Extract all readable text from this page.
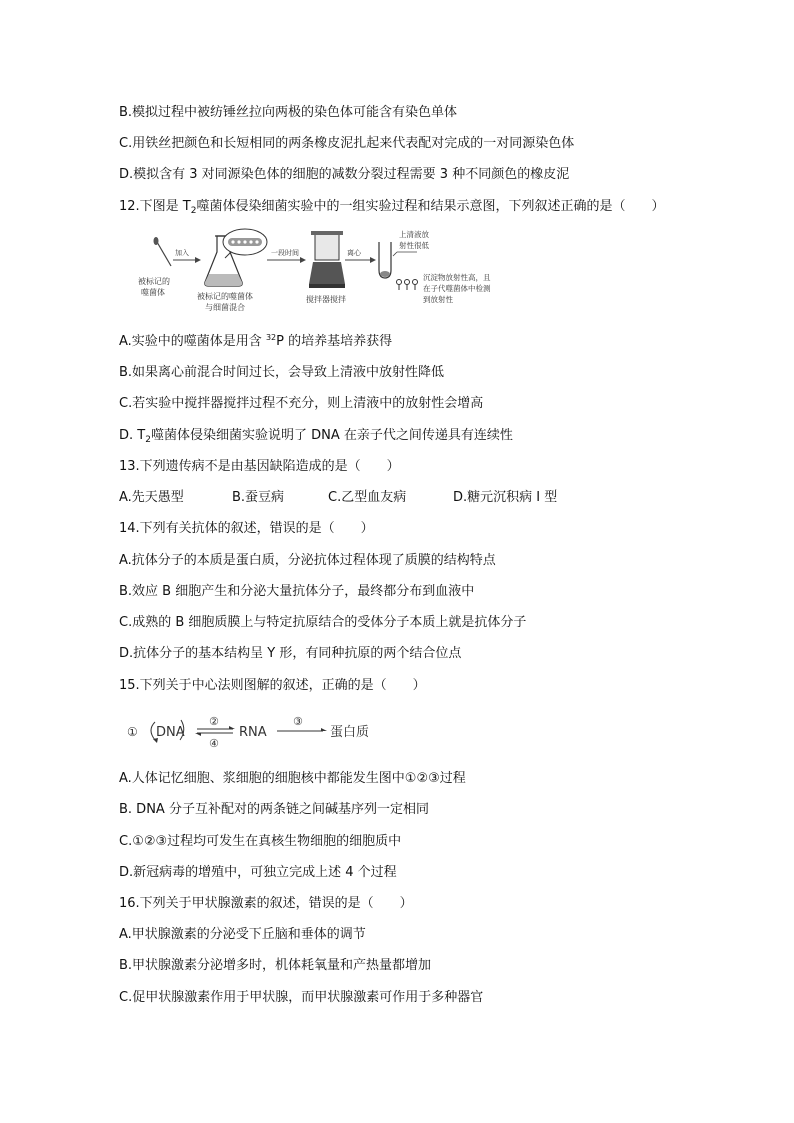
B.模拟过程中被纺锤丝拉向两极的染色体可能含有染色单体
C.用铁丝把颜色和长短相同的两条橡皮泥扎起来代表配对完成的一对同源染色体
D.模拟含有 3 对同源染色体的细胞的减数分裂过程需要 3 种不同颜色的橡皮泥
12.下图是 $T_2$噬菌体侵染细菌实验中的一组实验过程和结果示意图，下列叙述正确的是（　　）
被标记的
噬菌体
加入
被标记的噬菌体
与细菌混合
一段时间
搅拌器搅拌
离心
上清液放
射性很低
沉淀物放射性高，且
在子代噬菌体中检测
到放射性
A.实验中的噬菌体是用含 $^{32}$P 的培养基培养获得
B.如果离心前混合时间过长，会导致上清液中放射性降低
C.若实验中搅拌器搅拌过程不充分，则上清液中的放射性会增高
D. $T_2$噬菌体侵染细菌实验说明了 DNA 在亲子代之间传递具有连续性
13.下列遗传病不是由基因缺陷造成的是（　　）
A.先天愚型	B.蚕豆病	C.乙型血友病	D.糖元沉积病 I 型
14.下列有关抗体的叙述，错误的是（　　）
A.抗体分子的本质是蛋白质，分泌抗体过程体现了质膜的结构特点
B.效应 B 细胞产生和分泌大量抗体分子，最终都分布到血液中
C.成熟的 B 细胞质膜上与特定抗原结合的受体分子本质上就是抗体分子
D.抗体分子的基本结构呈 Y 形，有同种抗原的两个结合位点
15.下列关于中心法则图解的叙述，正确的是（　　）
① DNA
②
④
RNA
③
蛋白质
A.人体记忆细胞、浆细胞的细胞核中都能发生图中①②③过程
B. DNA 分子互补配对的两条链之间碱基序列一定相同
C.①②③过程均可发生在真核生物细胞的细胞质中
D.新冠病毒的增殖中，可独立完成上述 4 个过程
16.下列关于甲状腺激素的叙述，错误的是（　　）
A.甲状腺激素的分泌受下丘脑和垂体的调节
B.甲状腺激素分泌增多时，机体耗氧量和产热量都增加
C.促甲状腺激素作用于甲状腺，而甲状腺激素可作用于多种器官
